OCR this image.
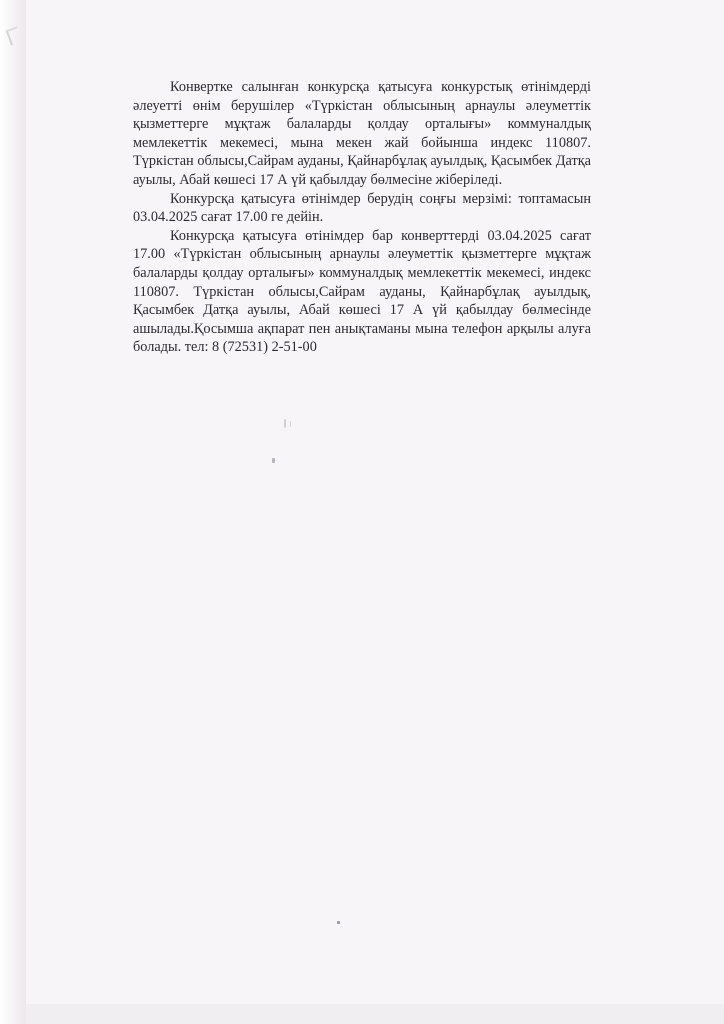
Конвертке салынған конкурсқа қатысуға конкурстық өтінімдерді әлеуетті өнім берушілер «Түркістан облысының арнаулы әлеуметтік қызметтерге мұқтаж балаларды қолдау орталығы» коммуналдық мемлекеттік мекемесі, мына мекен жай бойынша индекс 110807. Түркістан облысы,Сайрам ауданы, Қайнарбұлақ ауылдық, Қасымбек Датқа ауылы, Абай көшесі 17 А үй қабылдау бөлмесіне жіберіледі.

Конкурсқа қатысуға өтінімдер берудің соңғы мерзімі: топтамасын 03.04.2025 сағат 17.00 ге дейін.

Конкурсқа қатысуға өтінімдер бар конверттерді 03.04.2025 сағат 17.00 «Түркістан облысының арнаулы әлеуметтік қызметтерге мұқтаж балаларды қолдау орталығы» коммуналдық мемлекеттік мекемесі, индекс 110807. Түркістан облысы,Сайрам ауданы, Қайнарбұлақ ауылдық, Қасымбек Датқа ауылы, Абай көшесі 17 А үй қабылдау бөлмесінде ашылады.Қосымша ақпарат пен анықтаманы мына телефон арқылы алуға болады. тел: 8 (72531) 2-51-00
